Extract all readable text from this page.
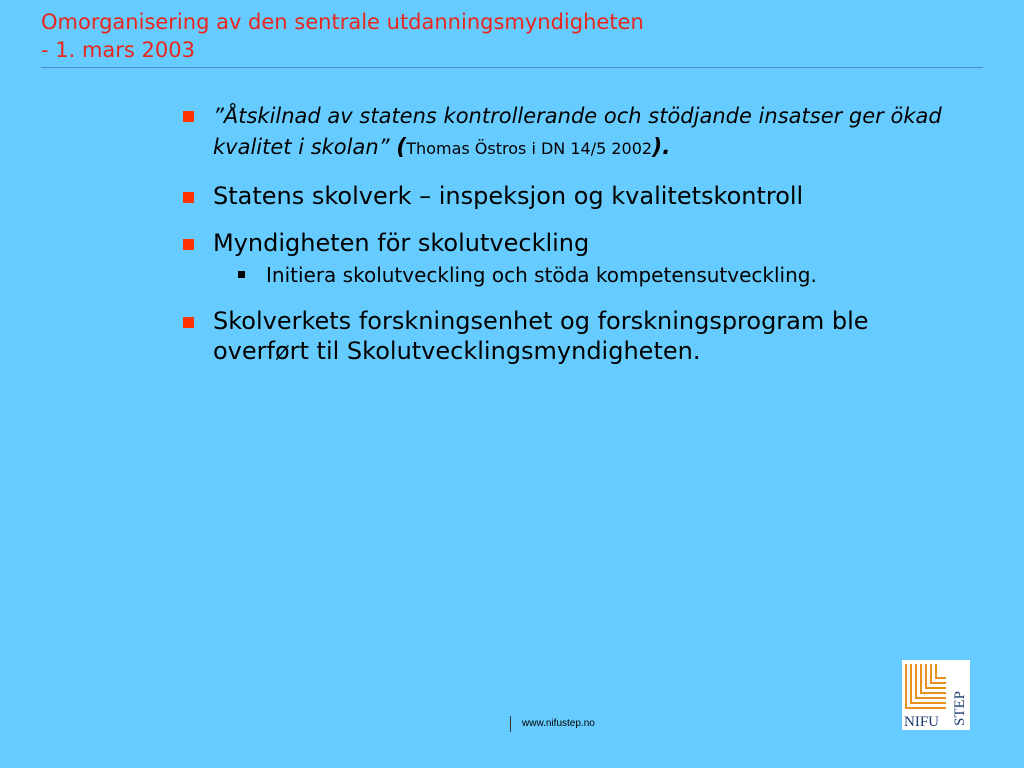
Omorganisering av den sentrale utdanningsmyndigheten
- 1. mars 2003
”Åtskilnad av statens kontrollerande och stödjande insatser ger ökad kvalitet i skolan” (Thomas Östros i DN 14/5 2002).
Statens skolverk – inspeksjon og kvalitetskontroll
Myndigheten för skolutveckling
Initiera skolutveckling och stöda kompetensutveckling.
Skolverkets forskningsenhet og forskningsprogram ble overført til Skolutvecklingsmyndigheten.
NIFU STEP
www.nifustep.no
